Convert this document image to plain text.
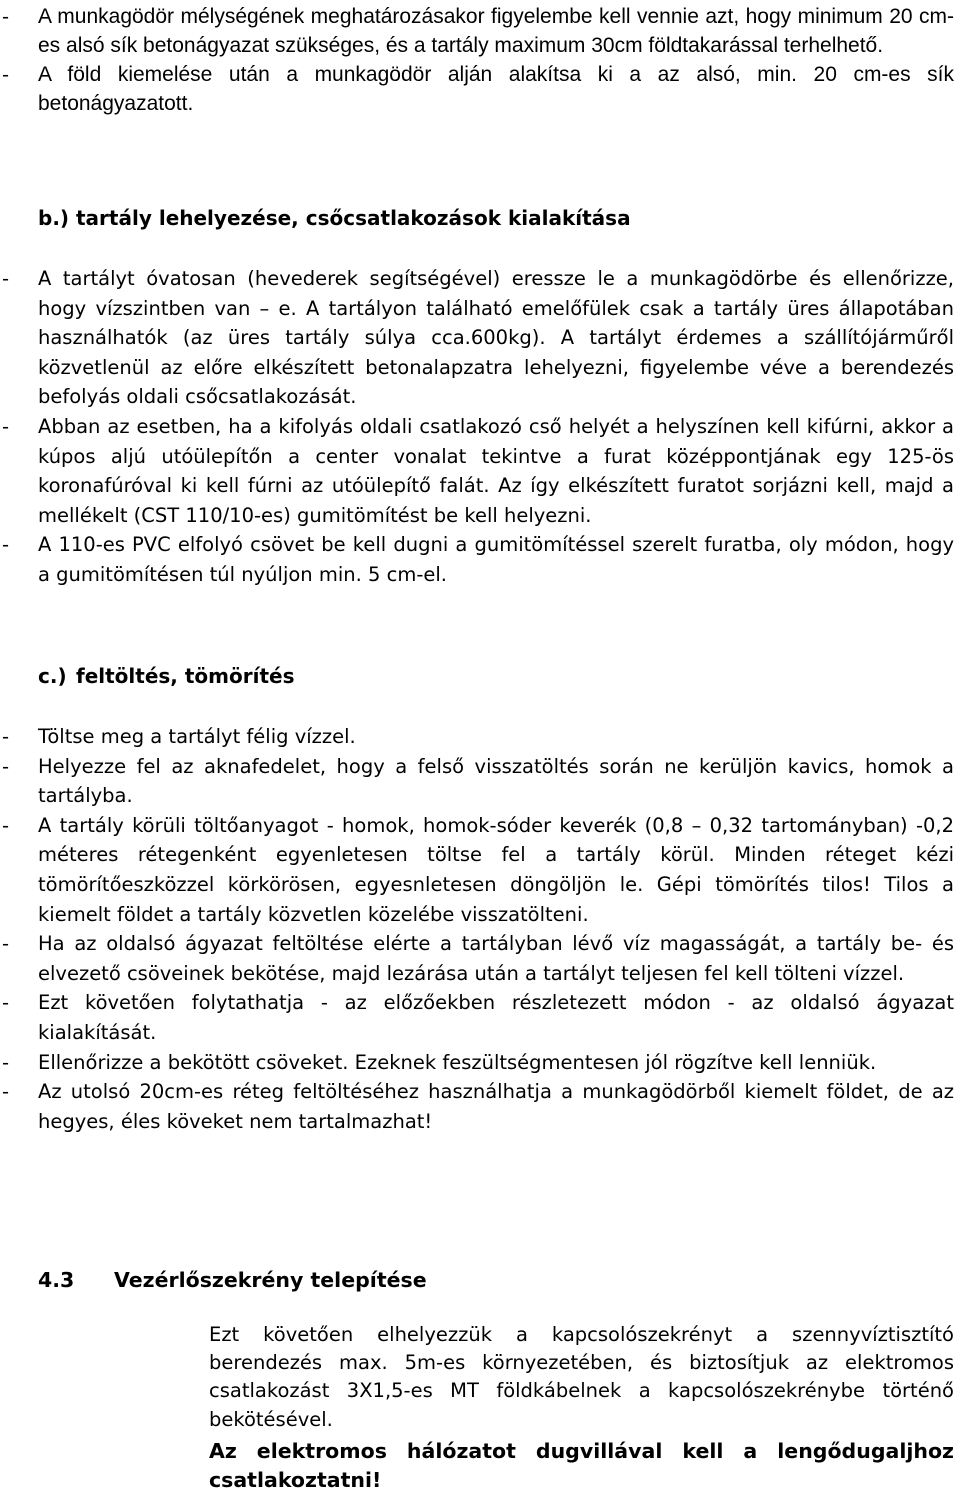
- A munkagödör mélységének meghatározásakor figyelembe kell vennie azt, hogy minimum 20 cm-es alsó sík betonágyazat szükséges, és a tartály maximum 30cm földtakarással terhelhető.
- A föld kiemelése után a munkagödör alján alakítsa ki a az alsó, min. 20 cm-es sík betonágyazatott.
b.) tartály lehelyezése, csőcsatlakozások kialakítása
- A tartályt óvatosan (hevederek segítségével) eressze le a munkagödörbe és ellenőrizze, hogy vízszintben van – e. A tartályon található emelőfülek csak a tartály üres állapotában használhatók (az üres tartály súlya cca.600kg). A tartályt érdemes a szállítójárműről közvetlenül az előre elkészített betonalapzatra lehelyezni, figyelembe véve a berendezés befolyás oldali csőcsatlakozását.
- Abban az esetben, ha a kifolyás oldali csatlakozó cső helyét a helyszínen kell kifúrni, akkor a kúpos aljú utóülepítőn a center vonalat tekintve a furat középpontjának egy 125-ös koronafúróval ki kell fúrni az utóülepítő falát. Az így elkészített furatot sorjázni kell, majd a mellékelt (CST 110/10-es) gumitömítést be kell helyezni.
- A 110-es PVC elfolyó csövet be kell dugni a gumitömítéssel szerelt furatba, oly módon, hogy a gumitömítésen túl nyúljon min. 5 cm-el.
c.) feltöltés, tömörítés
- Töltse meg a tartályt félig vízzel.
- Helyezze fel az aknafedelet, hogy a felső visszatöltés során ne kerüljön kavics, homok a tartályba.
- A tartály körüli töltőanyagot - homok, homok-sóder keverék (0,8 – 0,32 tartományban) -0,2 méteres rétegenként egyenletesen töltse fel a tartály körül. Minden réteget kézi tömörítőeszközzel körkörösen, egyesnletesen döngöljön le. Gépi tömörítés tilos! Tilos a kiemelt földet a tartály közvetlen közelébe visszatölteni.
- Ha az oldalsó ágyazat feltöltése elérte a tartályban lévő víz magasságát, a tartály be- és elvezető csöveinek bekötése, majd lezárása után a tartályt teljesen fel kell tölteni vízzel.
- Ezt követően folytathatja - az előzőekben részletezett módon - az oldalsó ágyazat kialakítását.
- Ellenőrizze a bekötött csöveket. Ezeknek feszültségmentesen jól rögzítve kell lenniük.
- Az utolsó 20cm-es réteg feltöltéséhez használhatja a munkagödörből kiemelt földet, de az hegyes, éles köveket nem tartalmazhat!
4.3 Vezérlőszekrény telepítése

Ezt követően elhelyezzük a kapcsolószekrényt a szennyvíztisztító berendezés max. 5m-es környezetében, és biztosítjuk az elektromos csatlakozást 3X1,5-es MT földkábelnek a kapcsolószekrénybe történő bekötésével.

Az elektromos hálózatot dugvillával kell a lengődugaljhoz csatlakoztatni!
